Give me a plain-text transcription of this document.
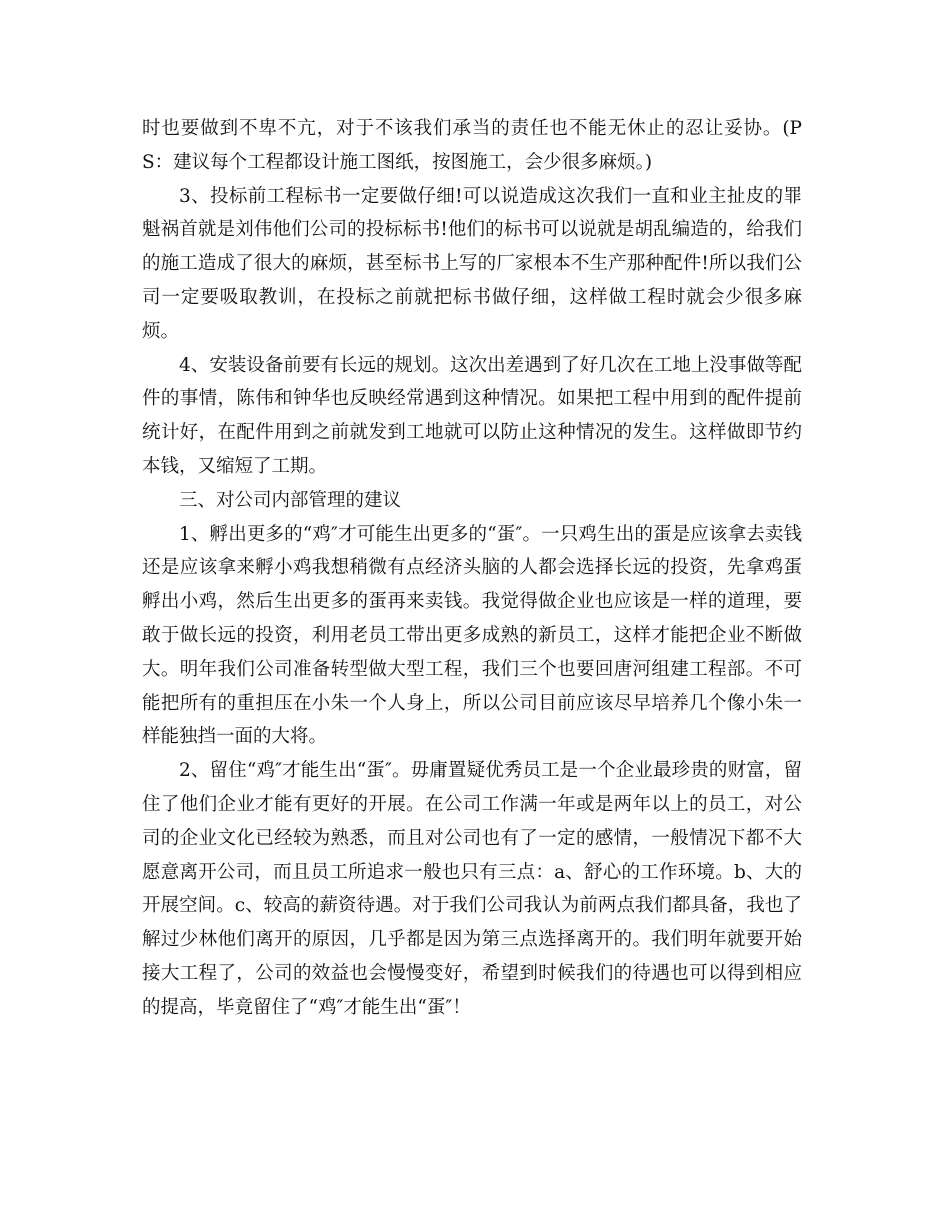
时也要做到不卑不亢，对于不该我们承当的责任也不能无休止的忍让妥协。(PS：建议每个工程都设计施工图纸，按图施工，会少很多麻烦。)

3、投标前工程标书一定要做仔细!可以说造成这次我们一直和业主扯皮的罪魁祸首就是刘伟他们公司的投标标书!他们的标书可以说就是胡乱编造的，给我们的施工造成了很大的麻烦，甚至标书上写的厂家根本不生产那种配件!所以我们公司一定要吸取教训，在投标之前就把标书做仔细，这样做工程时就会少很多麻烦。

4、安装设备前要有长远的规划。这次出差遇到了好几次在工地上没事做等配件的事情，陈伟和钟华也反映经常遇到这种情况。如果把工程中用到的配件提前统计好，在配件用到之前就发到工地就可以防止这种情况的发生。这样做即节约本钱，又缩短了工期。

三、对公司内部管理的建议

1、孵出更多的“鸡″才可能生出更多的“蛋″。一只鸡生出的蛋是应该拿去卖钱还是应该拿来孵小鸡我想稍微有点经济头脑的人都会选择长远的投资，先拿鸡蛋孵出小鸡，然后生出更多的蛋再来卖钱。我觉得做企业也应该是一样的道理，要敢于做长远的投资，利用老员工带出更多成熟的新员工，这样才能把企业不断做大。明年我们公司准备转型做大型工程，我们三个也要回唐河组建工程部。不可能把所有的重担压在小朱一个人身上，所以公司目前应该尽早培养几个像小朱一样能独挡一面的大将。

2、留住“鸡″才能生出“蛋″。毋庸置疑优秀员工是一个企业最珍贵的财富，留住了他们企业才能有更好的开展。在公司工作满一年或是两年以上的员工，对公司的企业文化已经较为熟悉，而且对公司也有了一定的感情，一般情况下都不大愿意离开公司，而且员工所追求一般也只有三点：a、舒心的工作环境。b、大的开展空间。c、较高的薪资待遇。对于我们公司我认为前两点我们都具备，我也了解过少林他们离开的原因，几乎都是因为第三点选择离开的。我们明年就要开始接大工程了，公司的效益也会慢慢变好，希望到时候我们的待遇也可以得到相应的提高，毕竟留住了“鸡″才能生出“蛋″！
